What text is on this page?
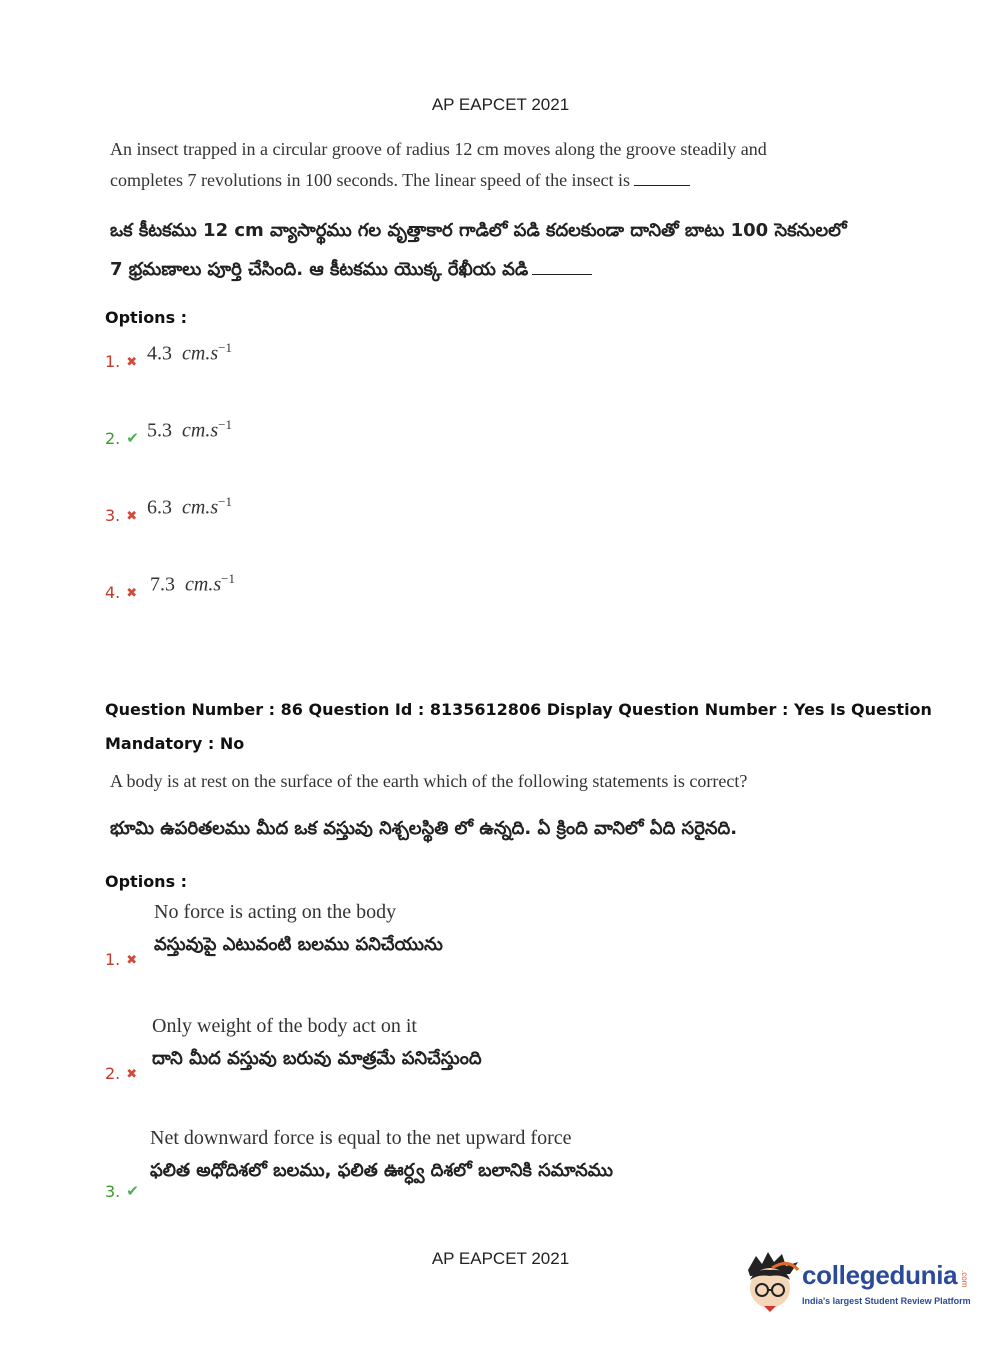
AP EAPCET 2021
An insect trapped in a circular groove of radius 12 cm moves along the groove steadily and
completes 7 revolutions in 100 seconds. The linear speed of the insect is
ఒక కీటకము 12 cm వ్యాసార్థము గల వృత్తాకార గాడిలో పడి కదలకుండా దానితో బాటు 100 సెకనులలో
7 భ్రమణాలు పూర్తి చేసింది. ఆ కీటకము యొక్క రేఖీయ వడి
Options :
1. ✖ 4.3 $cm.s^{-1}$
2. ✔ 5.3 $cm.s^{-1}$
3. ✖ 6.3 $cm.s^{-1}$
4. ✖ 7.3 $cm.s^{-1}$
Question Number : 86 Question Id : 8135612806 Display Question Number : Yes Is Question
Mandatory : No
A body is at rest on the surface of the earth which of the following statements is correct?
భూమి ఉపరితలము మీద ఒక వస్తువు నిశ్చలస్థితి లో ఉన్నది. ఏ క్రింది వానిలో ఏది సరైనది.
Options :
1. ✖
No force is acting on the body
వస్తువుపై ఎటువంటి బలము పనిచేయును
2. ✖
Only weight of the body act on it
దాని మీద వస్తువు బరువు మాత్రమే పనిచేస్తుంది
3. ✔
Net downward force is equal to the net upward force
ఫలిత అధోదిశలో బలము, ఫలిత ఊర్ధ్వ దిశలో బలానికి సమానము
AP EAPCET 2021
collegedunia .com
India's largest Student Review Platform
